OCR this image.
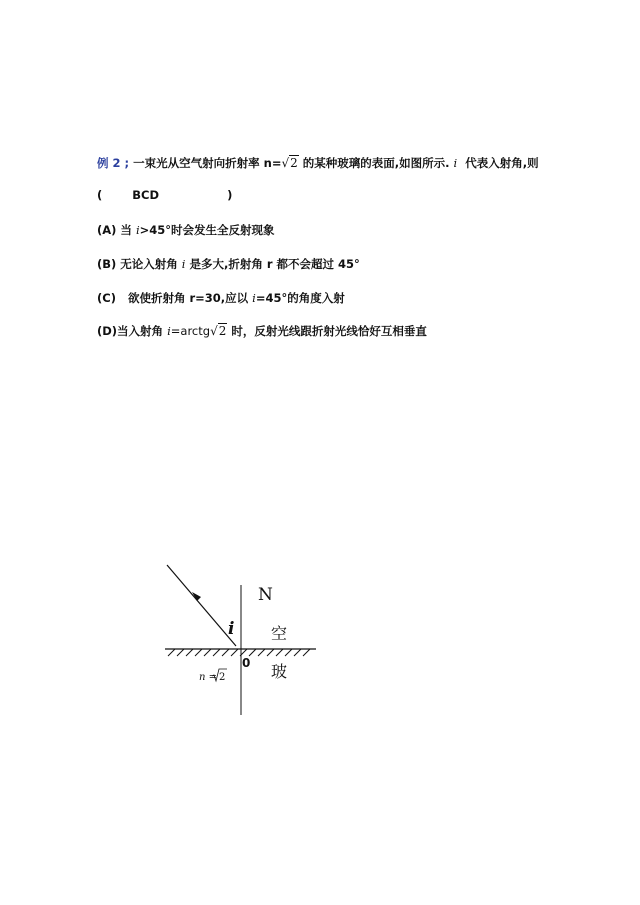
例 2 ; 一束光从空气射向折射率 n=√2 的某种玻璃的表面,如图所示. i 代表入射角,则
(	BCD	)
(A) 当 i>45°时会发生全反射现象
(B) 无论入射角 i 是多大,折射角 r 都不会超过 45°
(C)   欲使折射角 r=30,应以 i=45°的角度入射
(D)当入射角 i=arctg√2 时，反射光线跟折射光线恰好互相垂直
N
i 空
0 玻
n = 2
